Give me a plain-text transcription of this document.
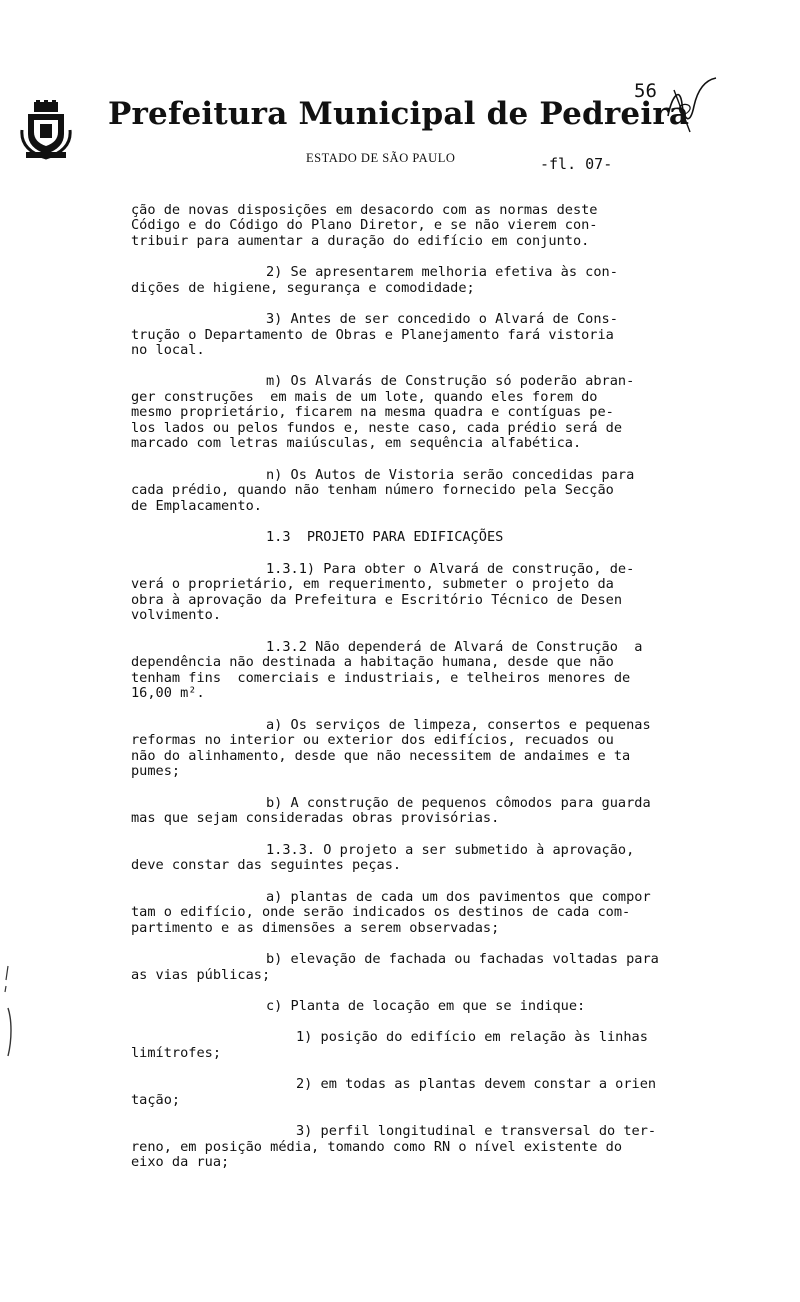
Prefeitura Municipal de Pedreira
56
ESTADO DE SÃO PAULO	-fl. 07-
ção de novas disposições em desacordo com as normas deste
Código e do Código do Plano Diretor, e se não vierem con-
tribuir para aumentar a duração do edifício em conjunto.
2) Se apresentarem melhoria efetiva às con-
dições de higiene, segurança e comodidade;
3) Antes de ser concedido o Alvará de Cons-
trução o Departamento de Obras e Planejamento fará vistoria
no local.
m) Os Alvarás de Construção só poderão abran-
ger construções  em mais de um lote, quando eles forem do
mesmo proprietário, ficarem na mesma quadra e contíguas pe-
los lados ou pelos fundos e, neste caso, cada prédio será de
marcado com letras maiúsculas, em sequência alfabética.
n) Os Autos de Vistoria serão concedidas para
cada prédio, quando não tenham número fornecido pela Secção
de Emplacamento.
1.3  PROJETO PARA EDIFICAÇÕES
1.3.1) Para obter o Alvará de construção, de-
verá o proprietário, em requerimento, submeter o projeto da
obra à aprovação da Prefeitura e Escritório Técnico de Desen
volvimento.
1.3.2 Não dependerá de Alvará de Construção  a
dependência não destinada a habitação humana, desde que não
tenham fins  comerciais e industriais, e telheiros menores de
16,00 m².
a) Os serviços de limpeza, consertos e pequenas
reformas no interior ou exterior dos edifícios, recuados ou
não do alinhamento, desde que não necessitem de andaimes e ta
pumes;
b) A construção de pequenos cômodos para guarda
mas que sejam consideradas obras provisórias.
1.3.3. O projeto a ser submetido à aprovação,
deve constar das seguintes peças.
a) plantas de cada um dos pavimentos que compor
tam o edifício, onde serão indicados os destinos de cada com-
partimento e as dimensões a serem observadas;
b) elevação de fachada ou fachadas voltadas para
as vias públicas;
c) Planta de locação em que se indique:
1) posição do edifício em relação às linhas
limítrofes;
2) em todas as plantas devem constar a orien
tação;
3) perfil longitudinal e transversal do ter-
reno, em posição média, tomando como RN o nível existente do
eixo da rua;
